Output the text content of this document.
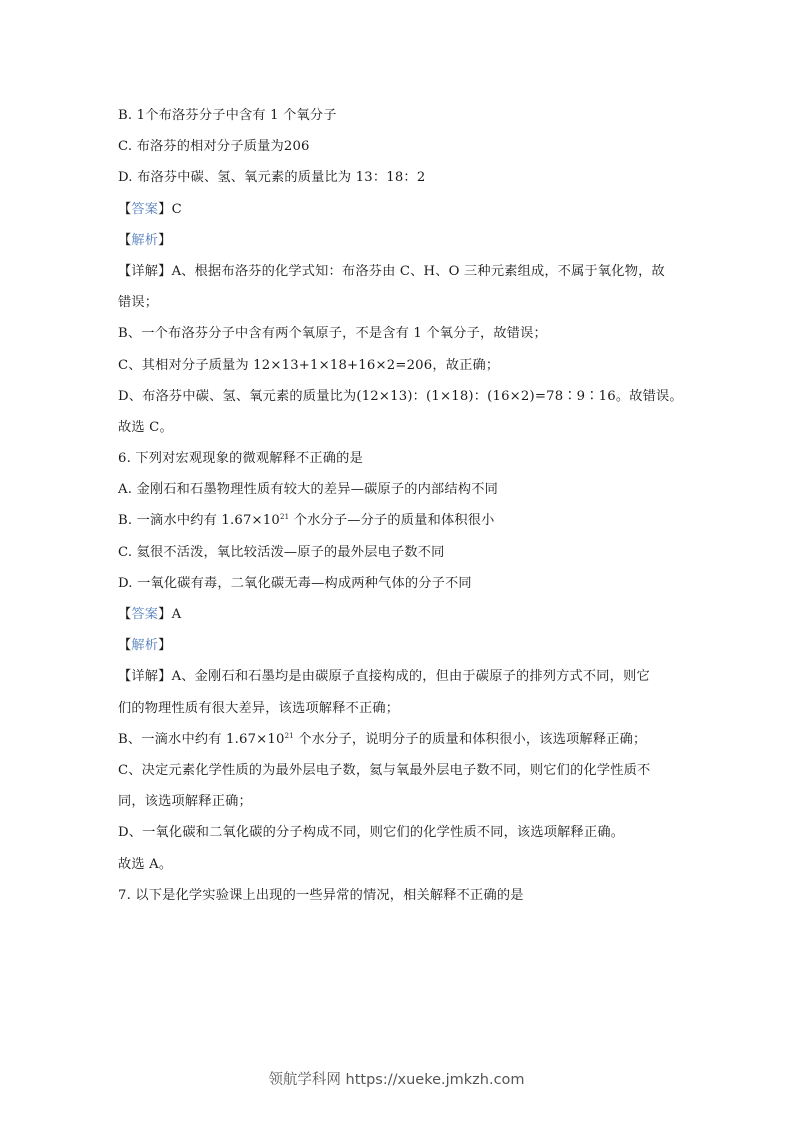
B. 1个布洛芬分子中含有 1 个氧分子
C. 布洛芬的相对分子质量为206
D. 布洛芬中碳、氢、氧元素的质量比为 13：18：2
【答案】C
【解析】
【详解】A、根据布洛芬的化学式知：布洛芬由 C、H、O 三种元素组成，不属于氧化物，故
错误；
B、一个布洛芬分子中含有两个氧原子，不是含有 1 个氧分子，故错误；
C、其相对分子质量为 12×13+1×18+16×2=206，故正确；
D、布洛芬中碳、氢、氧元素的质量比为(12×13)：(1×18)：(16×2)=78∶9∶16。故错误。
故选 C。
6. 下列对宏观现象的微观解释不正确的是
A. 金刚石和石墨物理性质有较大的差异—碳原子的内部结构不同
B. 一滴水中约有 $1.67\times 10^{21}$ 个水分子—分子的质量和体积很小
C. 氦很不活泼，氧比较活泼—原子的最外层电子数不同
D. 一氧化碳有毒，二氧化碳无毒—构成两种气体的分子不同
【答案】A
【解析】
【详解】A、金刚石和石墨均是由碳原子直接构成的，但由于碳原子的排列方式不同，则它
们的物理性质有很大差异，该选项解释不正确；
B、一滴水中约有 $1.67\times 10^{21}$ 个水分子，说明分子的质量和体积很小，该选项解释正确；
C、决定元素化学性质的为最外层电子数，氦与氧最外层电子数不同，则它们的化学性质不
同，该选项解释正确；
D、一氧化碳和二氧化碳的分子构成不同，则它们的化学性质不同，该选项解释正确。
故选 A。
7. 以下是化学实验课上出现的一些异常的情况，相关解释不正确的是
领航学科网 https://xueke.jmkzh.com
